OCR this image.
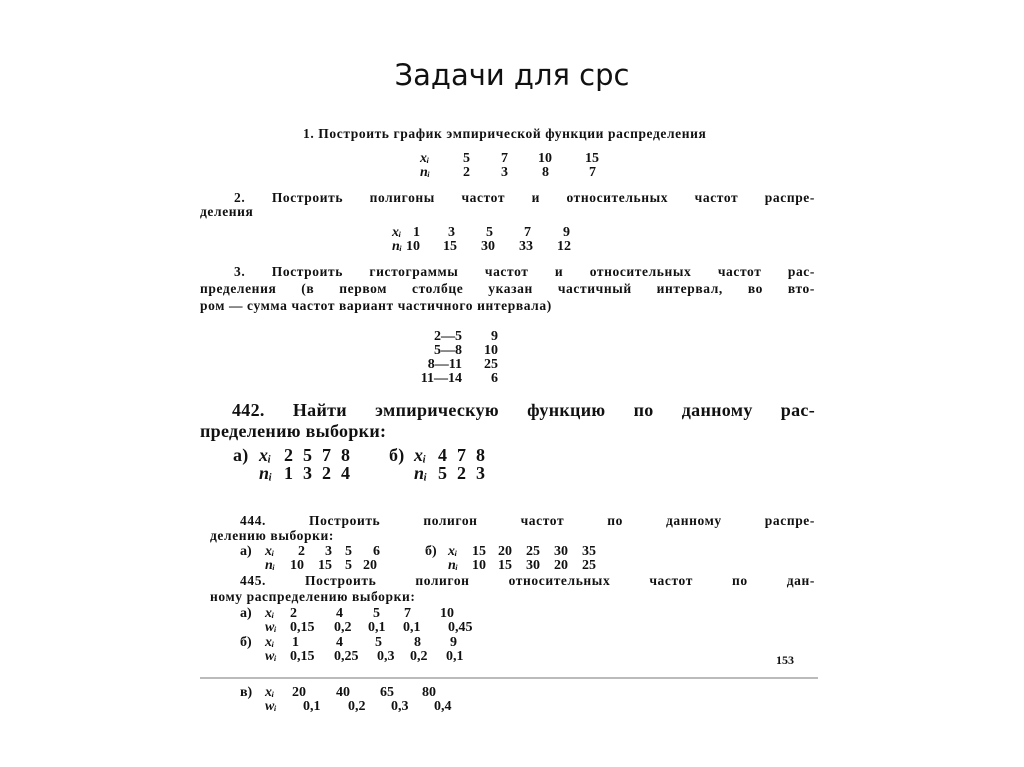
Задачи для срс
1. Построить график эмпирической функции распределения
xᵢ 5 7 10 15
nᵢ 2 3 8	7
2. Построить полигоны частот и относительных частот распре-
деления
xᵢ 1 3 5 7 9
nᵢ 10 15 30 33 12
3. Построить гистограммы частот и относительных частот рас-
пределения (в первом столбце указан частичный интервал, во вто-
ром — сумма частот вариант частичного интервала)
2—5	9
5—8	10
8—11	25
11—14	6
442. Найти эмпирическую функцию по данному рас-
пределению выборки:
а) xᵢ 2 5 7 8 б) xᵢ 4 7 8
nᵢ 1 3 2 4	nᵢ 5 2 3
444. Построить полигон частот по данному распре-
делению выборки:
а) xᵢ 2 3 5 6	б) xᵢ 15 20 25 30 35
nᵢ 10 15 5 20	nᵢ 10 15 30 20 25
445. Построить полигон относительных частот по дан-
ному распределению выборки:
а) xᵢ 2	4 5 7 10
wᵢ 0,15 0,2 0,1 0,1 0,45
б) xᵢ 1	4 5 8 9
wᵢ 0,15 0,25 0,3 0,2 0,1	153
в) xᵢ 20 40 65 80
wᵢ 0,1 0,2 0,3 0,4
